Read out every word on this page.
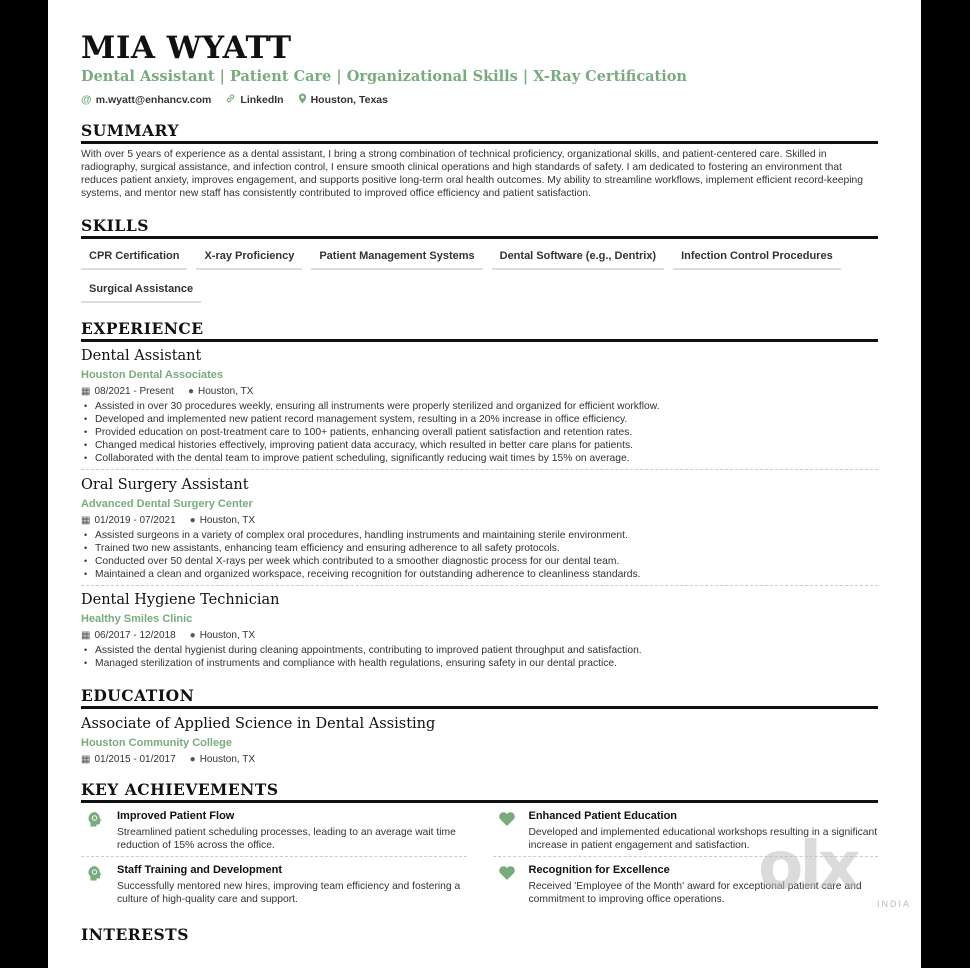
MIA WYATT
Dental Assistant | Patient Care | Organizational Skills | X-Ray Certification
@ m.wyatt@enhancv.com	LinkedIn	Houston, Texas
SUMMARY
With over 5 years of experience as a dental assistant, I bring a strong combination of technical proficiency, organizational skills, and patient-centered care. Skilled in radiography, surgical assistance, and infection control, I ensure smooth clinical operations and high standards of safety. I am dedicated to fostering an environment that reduces patient anxiety, improves engagement, and supports positive long-term oral health outcomes. My ability to streamline workflows, implement efficient record-keeping systems, and mentor new staff has consistently contributed to improved office efficiency and patient satisfaction.
SKILLS
CPR Certification	X-ray Proficiency	Patient Management Systems	Dental Software (e.g., Dentrix)	Infection Control Procedures
Surgical Assistance
EXPERIENCE
Dental Assistant
Houston Dental Associates
▦ 08/2021 - Present ● Houston, TX
• Assisted in over 30 procedures weekly, ensuring all instruments were properly sterilized and organized for efficient workflow.
• Developed and implemented new patient record management system, resulting in a 20% increase in office efficiency.
• Provided education on post-treatment care to 100+ patients, enhancing overall patient satisfaction and retention rates.
• Changed medical histories effectively, improving patient data accuracy, which resulted in better care plans for patients.
• Collaborated with the dental team to improve patient scheduling, significantly reducing wait times by 15% on average.
Oral Surgery Assistant
Advanced Dental Surgery Center
▦ 01/2019 - 07/2021 ● Houston, TX
• Assisted surgeons in a variety of complex oral procedures, handling instruments and maintaining sterile environment.
• Trained two new assistants, enhancing team efficiency and ensuring adherence to all safety protocols.
• Conducted over 50 dental X-rays per week which contributed to a smoother diagnostic process for our dental team.
• Maintained a clean and organized workspace, receiving recognition for outstanding adherence to cleanliness standards.
Dental Hygiene Technician
Healthy Smiles Clinic
▦ 06/2017 - 12/2018 ● Houston, TX
• Assisted the dental hygienist during cleaning appointments, contributing to improved patient throughput and satisfaction.
• Managed sterilization of instruments and compliance with health regulations, ensuring safety in our dental practice.
EDUCATION
Associate of Applied Science in Dental Assisting
Houston Community College
▦ 01/2015 - 01/2017 ● Houston, TX
KEY ACHIEVEMENTS
Improved Patient Flow
Streamlined patient scheduling processes, leading to an average wait time reduction of 15% across the office.
Enhanced Patient Education
Developed and implemented educational workshops resulting in a significant increase in patient engagement and satisfaction.
Staff Training and Development
Successfully mentored new hires, improving team efficiency and fostering a culture of high-quality care and support.
Recognition for Excellence
Received 'Employee of the Month' award for exceptional patient care and commitment to improving office operations.
INTERESTS
olx	INDIA
